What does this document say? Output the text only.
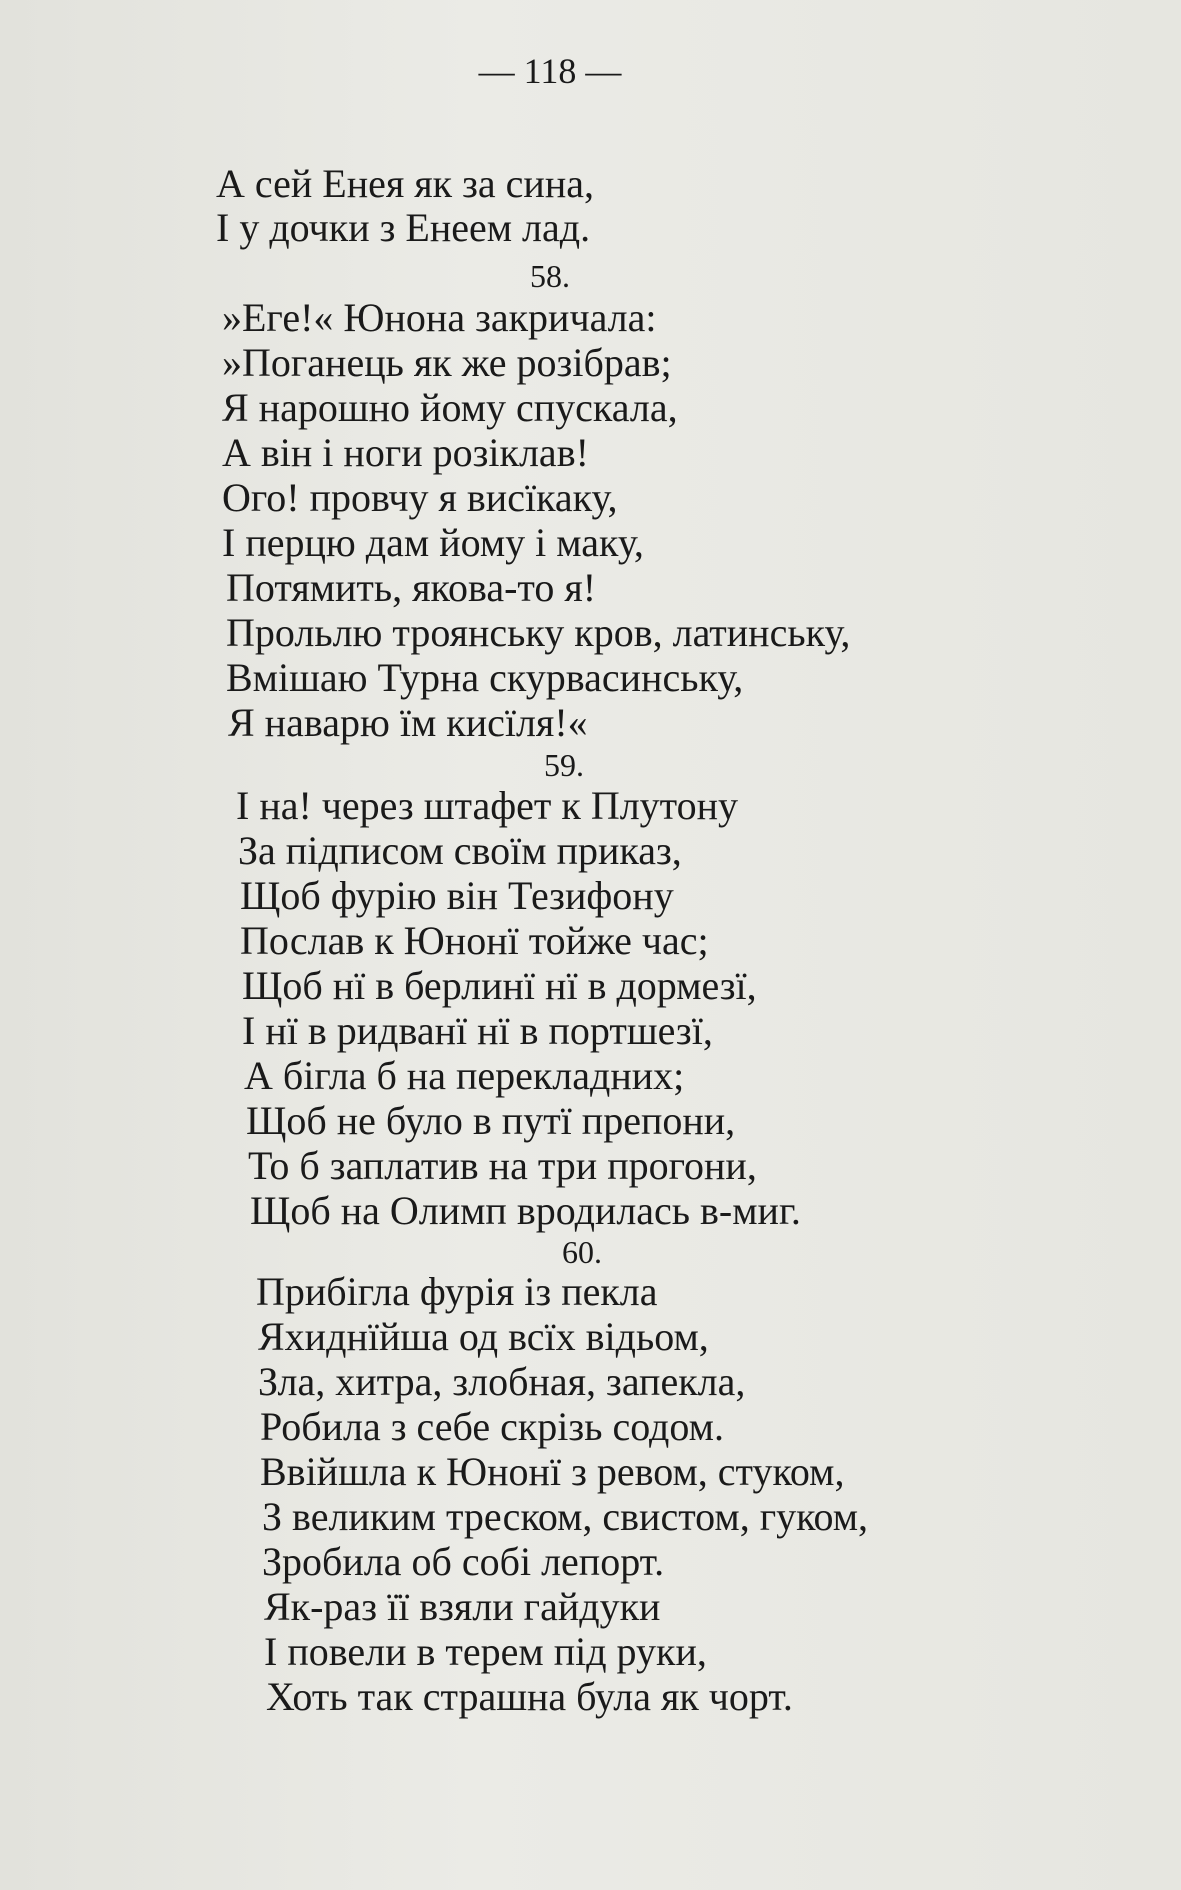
— 118 —
А сей Енея як за сина,
І у дочки з Енеем лад.
58.
»Еге!« Юнона закричала:
»Поганець як же розібрав;
Я нарошно йому спускала,
А він і ноги розіклав!
Ого! провчу я висїкаку,
І перцю дам йому і маку,
Потямить, якова-то я!
Прольлю троянську кров, латинську,
Вмішаю Турна скурвасинську,
Я наварю їм кисїля!«
59.
І на! через штафет к Плутону
За підписом своїм приказ,
Щоб фурію він Тезифону
Послав к Юнонї тойже час;
Щоб нї в берлинї нї в дормезї,
І нї в ридванї нї в портшезї,
А бігла б на перекладних;
Щоб не було в путї препони,
То б заплатив на три прогони,
Щоб на Олимп вродилась в-миг.
60.
Прибігла фурія із пекла
Яхиднїйша од всїх відьом,
Зла, хитра, злобная, запекла,
Робила з себе скрізь содом.
Ввійшла к Юнонї з ревом, стуком,
З великим треском, свистом, гуком,
Зробила об собі лепорт.
Як-раз її взяли гайдуки
І повели в терем під руки,
Хоть так страшна була як чорт.
